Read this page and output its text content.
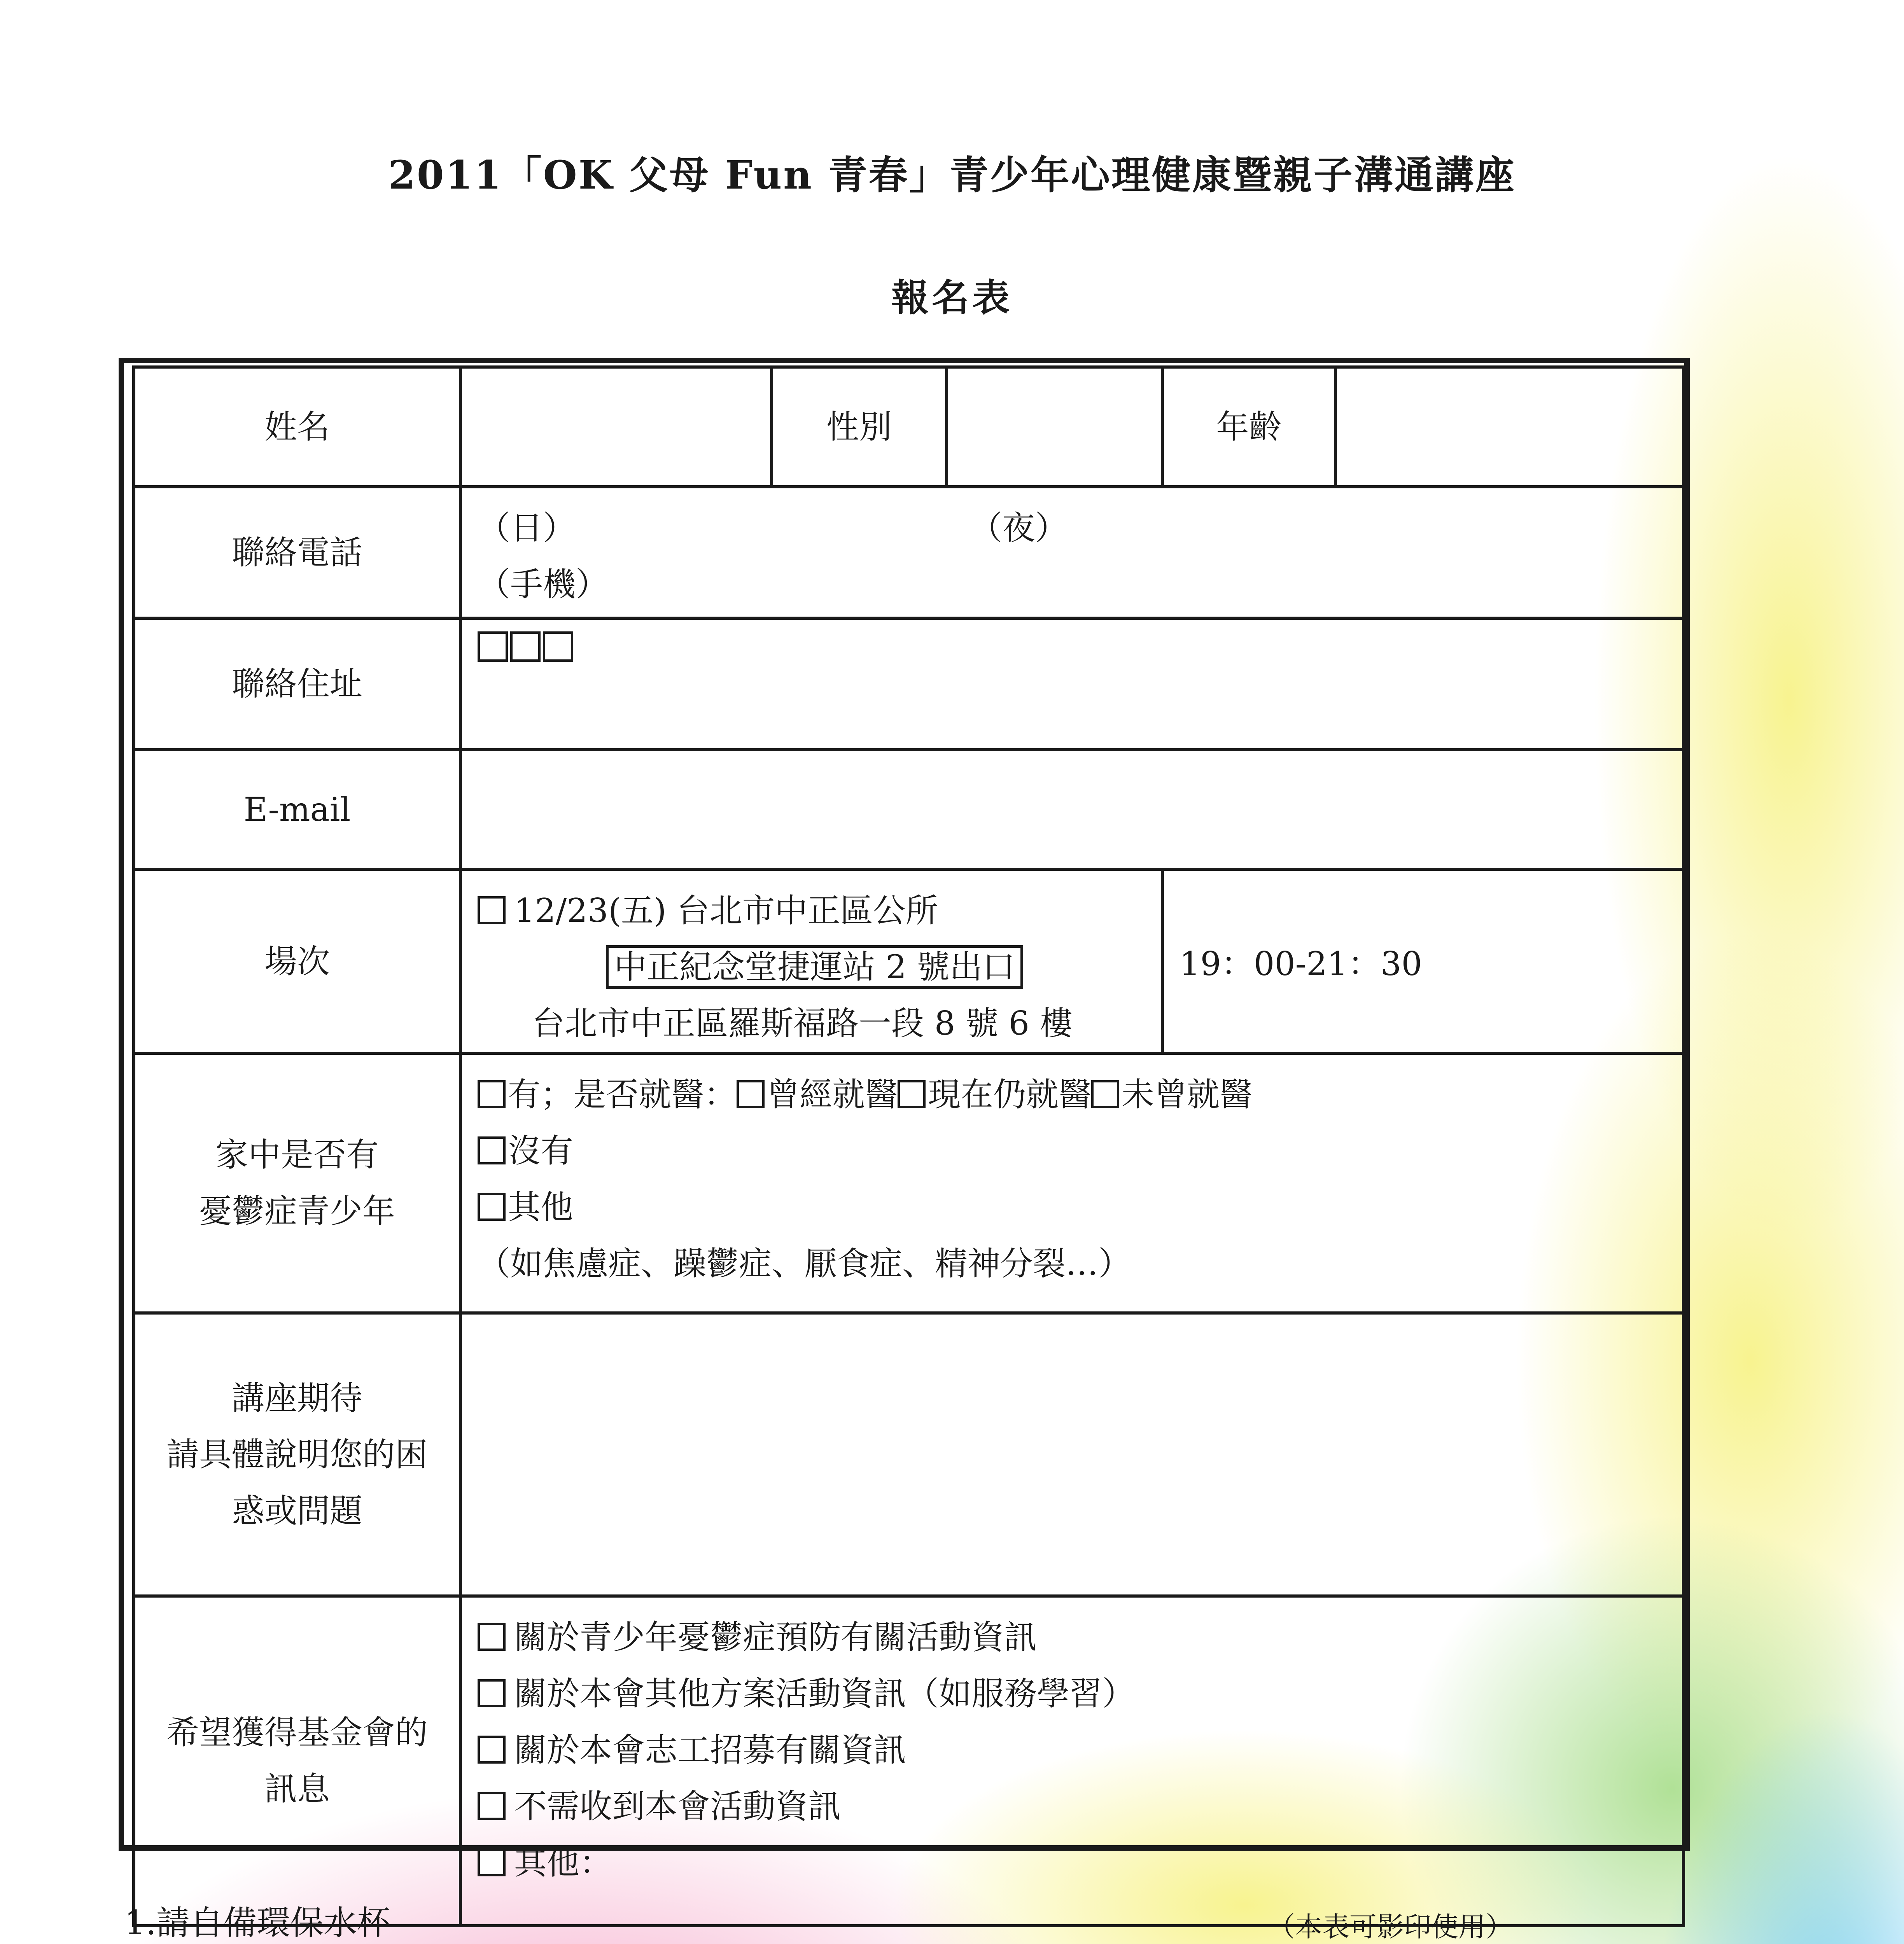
2011「OK 父母 Fun 青春」青少年心理健康暨親子溝通講座
報名表
姓名		性別		年齡	
聯絡電話	（日） （夜）
（手機）				

聯絡住址					
E-mail					
場次	12/23(五) 台北市中正區公所
中正紀念堂捷運站 2 號出口
台北市中正區羅斯福路一段 8 號 6 樓			19：00-21：30	

家中是否有
憂鬱症青少年	有；是否就醫： 曾經就醫 現在仍就醫 未曾就醫
沒有
其他
（如焦慮症、躁鬱症、厭食症、精神分裂…）				

講座期待
請具體說明您的困
惑或問題					

希望獲得基金會的
訊息	關於青少年憂鬱症預防有關活動資訊
關於本會其他方案活動資訊（如服務學習）
關於本會志工招募有關資訊
不需收到本會活動資訊
其他：				
（本表可影印使用）
1.請自備環保水杯
